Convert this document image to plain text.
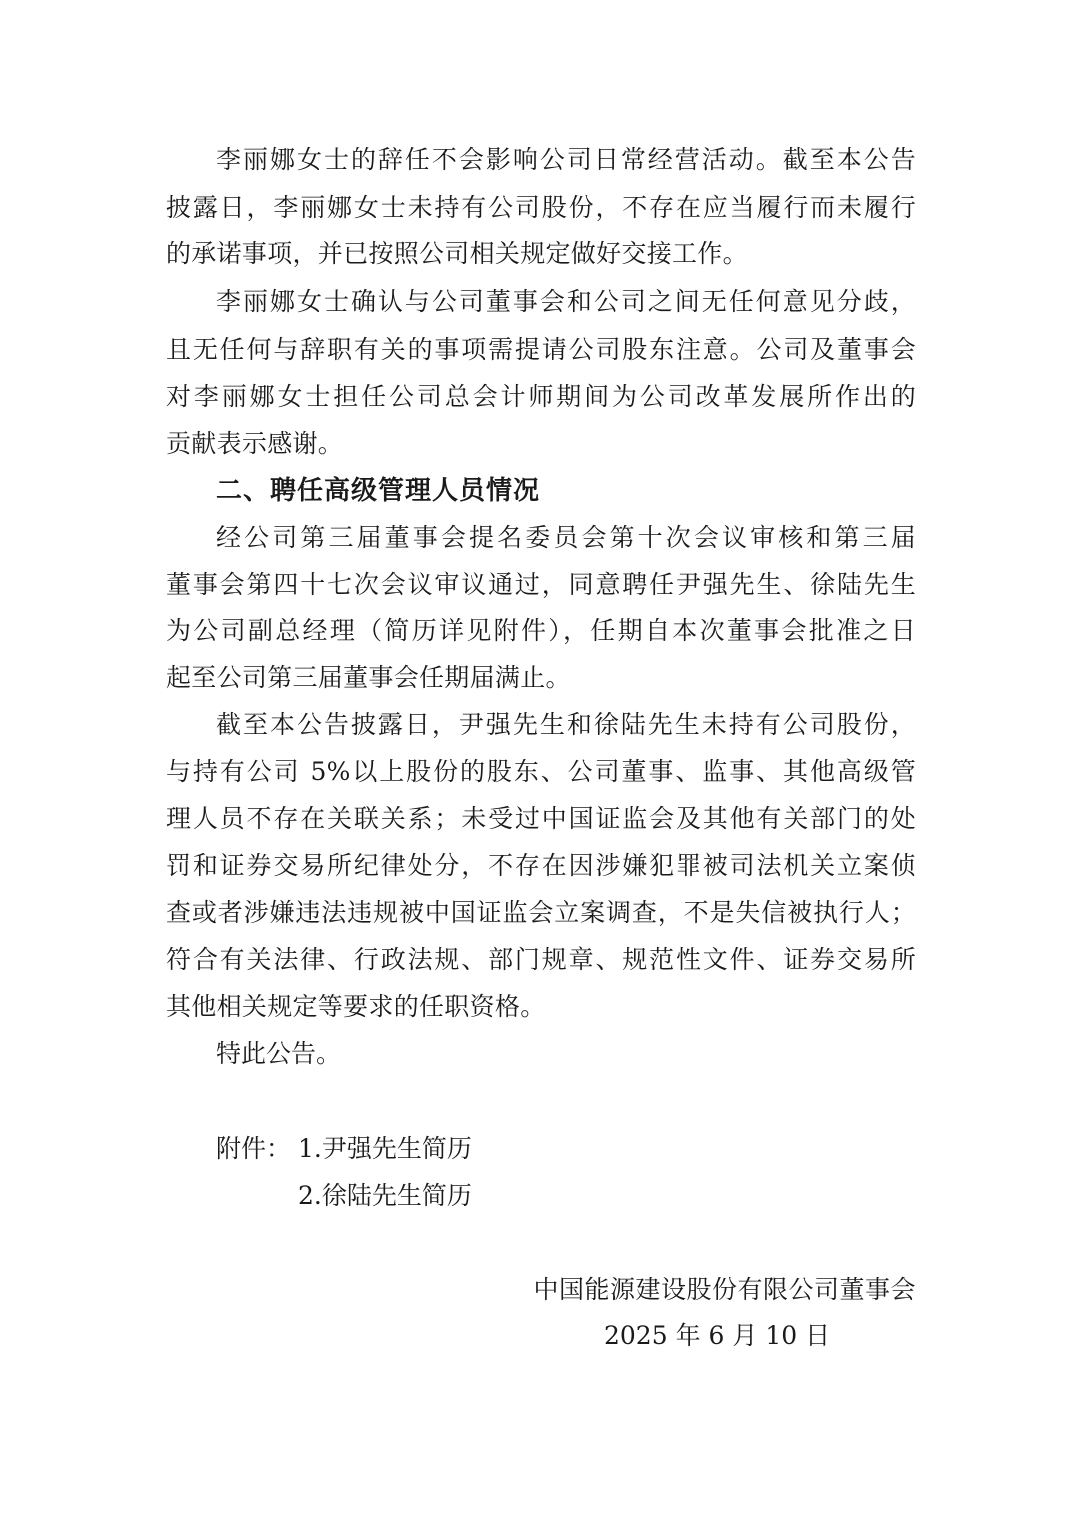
李丽娜女士的辞任不会影响公司日常经营活动。截至本公告
披露日，李丽娜女士未持有公司股份，不存在应当履行而未履行
的承诺事项，并已按照公司相关规定做好交接工作。
李丽娜女士确认与公司董事会和公司之间无任何意见分歧，
且无任何与辞职有关的事项需提请公司股东注意。公司及董事会
对李丽娜女士担任公司总会计师期间为公司改革发展所作出的
贡献表示感谢。
二、聘任高级管理人员情况
经公司第三届董事会提名委员会第十次会议审核和第三届
董事会第四十七次会议审议通过，同意聘任尹强先生、徐陆先生
为公司副总经理（简历详见附件），任期自本次董事会批准之日
起至公司第三届董事会任期届满止。
截至本公告披露日，尹强先生和徐陆先生未持有公司股份，
与持有公司 5%以上股份的股东、公司董事、监事、其他高级管
理人员不存在关联关系；未受过中国证监会及其他有关部门的处
罚和证券交易所纪律处分，不存在因涉嫌犯罪被司法机关立案侦
查或者涉嫌违法违规被中国证监会立案调查，不是失信被执行人；
符合有关法律、行政法规、部门规章、规范性文件、证券交易所
其他相关规定等要求的任职资格。
特此公告。
附件： 1.尹强先生简历
2.徐陆先生简历
中国能源建设股份有限公司董事会
2025 年 6 月 10 日
